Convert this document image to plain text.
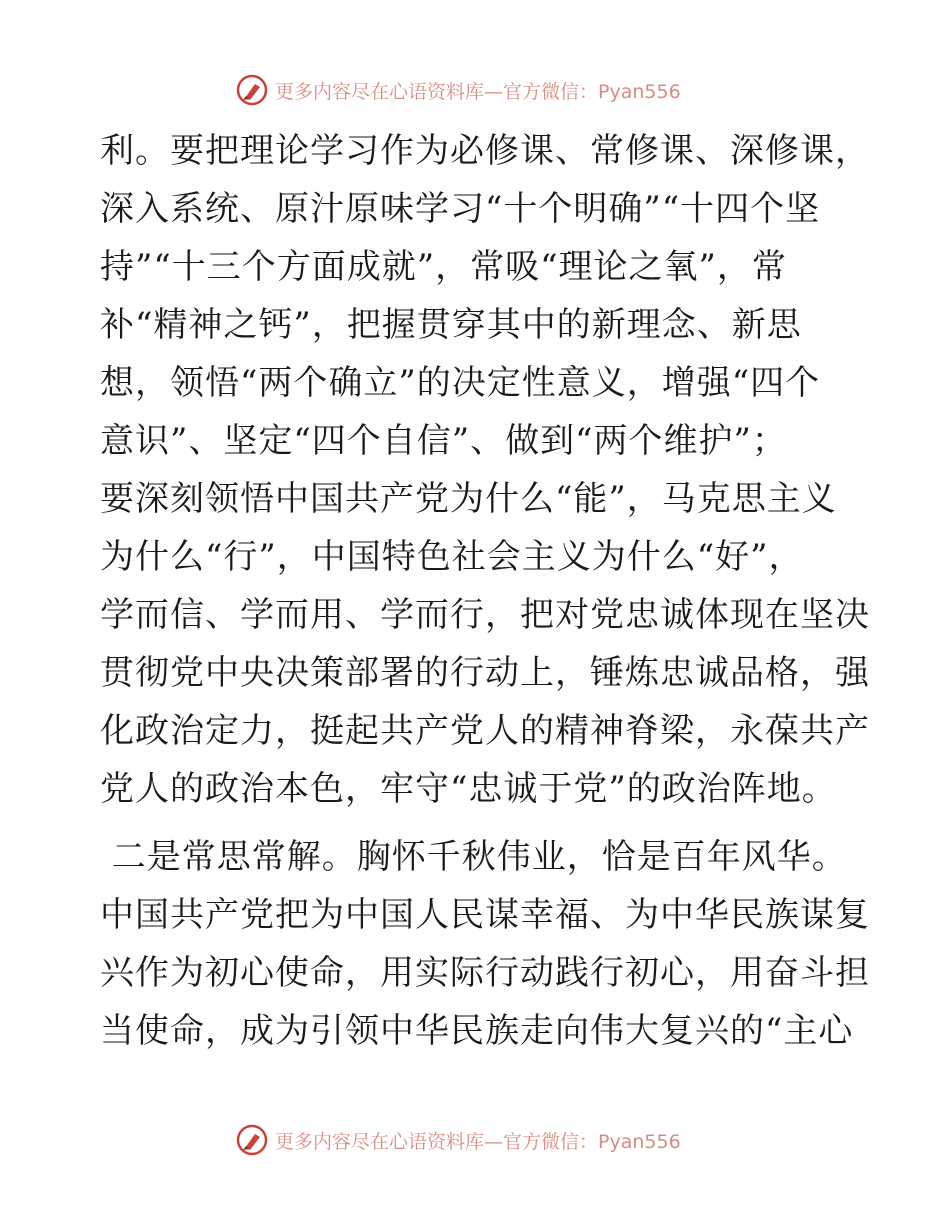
更多内容尽在心语资料库— 官方微信：Pyan556
利。要把理论学习作为必修课、常修课、深修课，
深入系统、原汁原味学习“十个明确”“十四个坚
持”“十三个方面成就”，常吸“理论之氧”，常
补“精神之钙”，把握贯穿其中的新理念、新思
想，领悟“两个确立”的决定性意义，增强“四个
意识”、坚定“四个自信”、做到“两个维护”；
要深刻领悟中国共产党为什么“能”，马克思主义
为什么“行”，中国特色社会主义为什么“好”，
学而信、学而用、学而行，把对党忠诚体现在坚决
贯彻党中央决策部署的行动上，锤炼忠诚品格，强
化政治定力，挺起共产党人的精神脊梁，永葆共产
党人的政治本色，牢守“忠诚于党”的政治阵地。
二是常思常解。胸怀千秋伟业，恰是百年风华。
中国共产党把为中国人民谋幸福、为中华民族谋复
兴作为初心使命，用实际行动践行初心，用奋斗担
当使命，成为引领中华民族走向伟大复兴的“主心
更多内容尽在心语资料库— 官方微信：Pyan556
